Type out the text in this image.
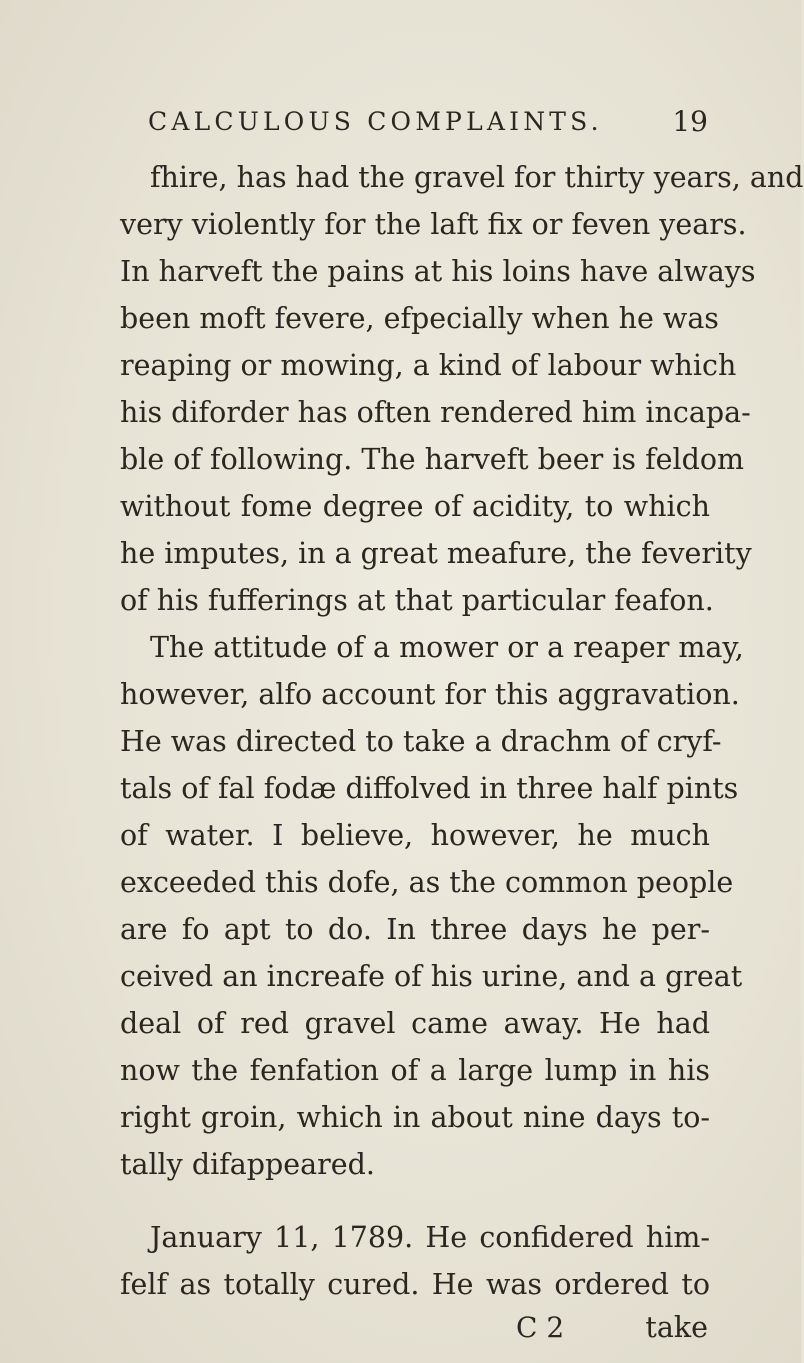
CALCULOUS COMPLAINTS. 19
fhire, has had the gravel for thirty years, and
very violently for the laft fix or feven years.
In harveft the pains at his loins have always
been moft fevere, efpecially when he was
reaping or mowing, a kind of labour which
his diforder has often rendered him incapa-
ble of following. The harveft beer is feldom
without fome degree of acidity, to which
he imputes, in a great meafure, the feverity
of his fufferings at that particular feafon.
The attitude of a mower or a reaper may,
however, alfo account for this aggravation.
He was directed to take a drachm of cryf-
tals of fal fodæ diffolved in three half pints
of water. I believe, however, he much
exceeded this dofe, as the common people
are fo apt to do. In three days he per-
ceived an increafe of his urine, and a great
deal of red gravel came away. He had
now the fenfation of a large lump in his
right groin, which in about nine days to-
tally difappeared.
January 11, 1789. He confidered him-
felf as totally cured. He was ordered to
C 2	take
